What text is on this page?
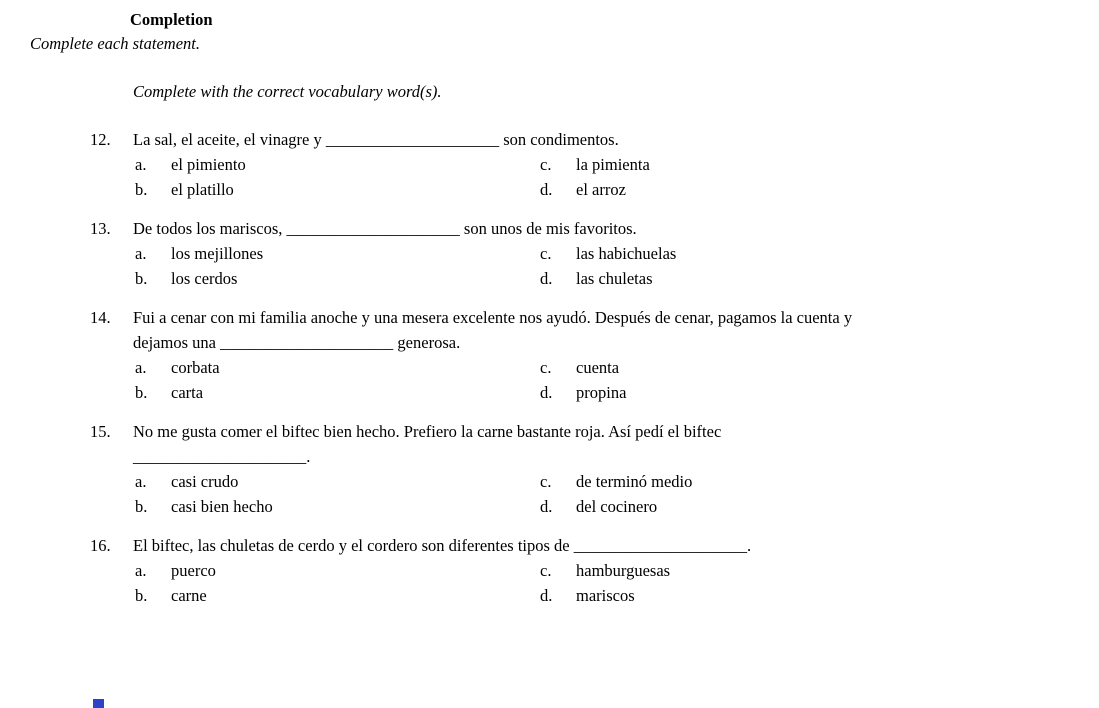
Completion
Complete each statement.
Complete with the correct vocabulary word(s).
12.	La sal, el aceite, el vinagre y _____________________ son condimentos.
a.	el pimiento
b.	el platillo
c.	la pimienta
d.	el arroz
13.	De todos los mariscos, _____________________ son unos de mis favoritos.
a.	los mejillones
b.	los cerdos
c.	las habichuelas
d.	las chuletas
14.	Fui a cenar con mi familia anoche y una mesera excelente nos ayudó. Después de cenar, pagamos la cuenta y
dejamos una _____________________ generosa.
a.	corbata
b.	carta
c.	cuenta
d.	propina
15.	No me gusta comer el biftec bien hecho. Prefiero la carne bastante roja. Así pedí el biftec
_____________________.
a.	casi crudo
b.	casi bien hecho
c.	de terminó medio
d.	del cocinero
16.	El biftec, las chuletas de cerdo y el cordero son diferentes tipos de _____________________.
a.	puerco
b.	carne
c.	hamburguesas
d.	mariscos
